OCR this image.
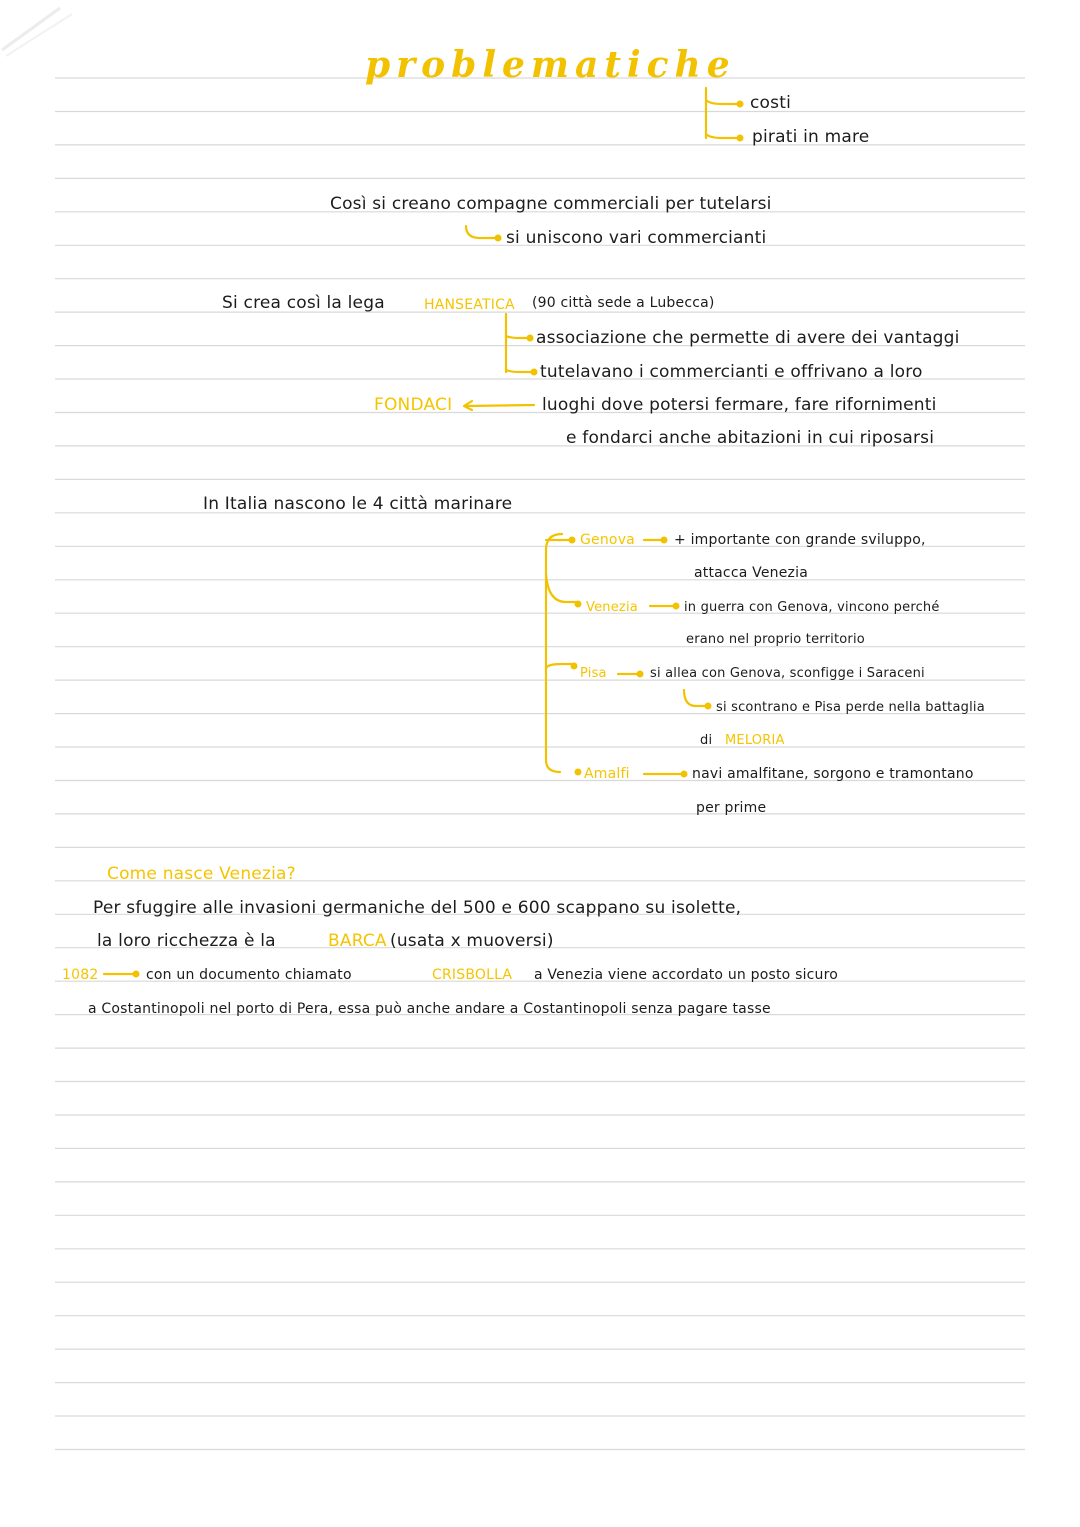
problematiche
costi
pirati in mare
Così si creano compagne commerciali per tutelarsi
si uniscono vari commercianti
Si crea così la lega	HANSEATICA (90 città sede a Lubecca)
associazione che permette di avere dei vantaggi
tutelavano i commercianti e offrivano a loro
FONDACI	luoghi dove potersi fermare, fare rifornimenti
e fondarci anche abitazioni in cui riposarsi
In Italia nascono le 4 città marinare
Genova	+ importante con grande sviluppo,
attacca Venezia
Venezia	in guerra con Genova, vincono perché
erano nel proprio territorio
Pisa	si allea con Genova, sconfigge i Saraceni
si scontrano e Pisa perde nella battaglia
di MELORIA
Amalfi	navi amalfitane, sorgono e tramontano
per prime
Come nasce Venezia?
Per sfuggire alle invasioni germaniche del 500 e 600 scappano su isolette,
la loro ricchezza è la	BARCA (usata x muoversi)
1082	con un documento chiamato	CRISBOLLA a Venezia viene accordato un posto sicuro
a Costantinopoli nel porto di Pera, essa può anche andare a Costantinopoli senza pagare tasse
